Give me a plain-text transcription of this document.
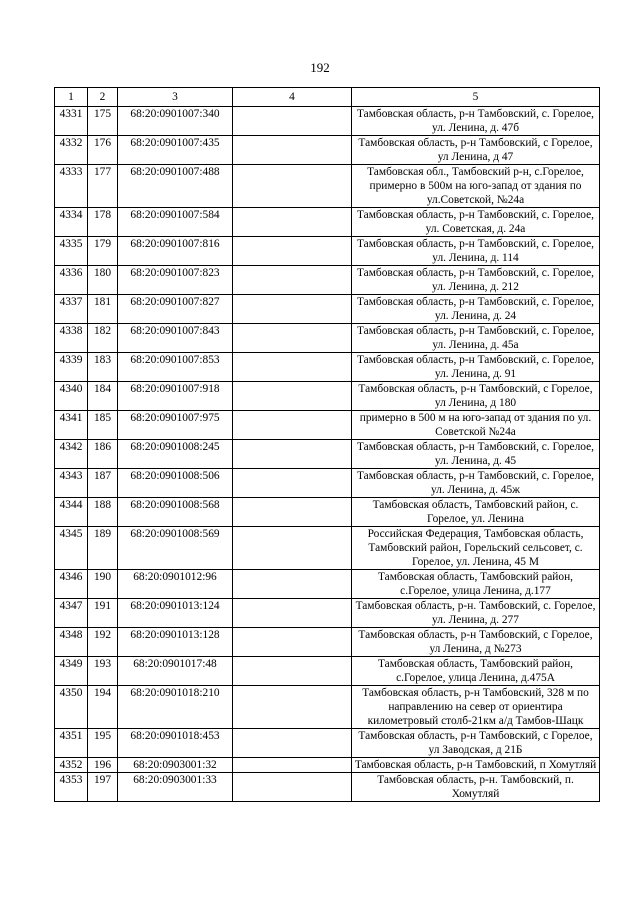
192
1	2	3	4	5
4331	175	68:20:0901007:340		Тамбовская область, р-н Тамбовский, с. Горелое, ул. Ленина, д. 47б
4332	176	68:20:0901007:435		Тамбовская область, р-н Тамбовский, с Горелое, ул Ленина, д 47
4333	177	68:20:0901007:488		Тамбовская обл., Тамбовский р-н, с.Горелое, примерно в 500м на юго-запад от здания по ул.Советской, №24а
4334	178	68:20:0901007:584		Тамбовская область, р-н Тамбовский, с. Горелое, ул. Советская, д. 24а
4335	179	68:20:0901007:816		Тамбовская область, р-н Тамбовский, с. Горелое, ул. Ленина, д. 114
4336	180	68:20:0901007:823		Тамбовская область, р-н Тамбовский, с. Горелое, ул. Ленина, д. 212
4337	181	68:20:0901007:827		Тамбовская область, р-н Тамбовский, с. Горелое, ул. Ленина, д. 24
4338	182	68:20:0901007:843		Тамбовская область, р-н Тамбовский, с. Горелое, ул. Ленина, д. 45а
4339	183	68:20:0901007:853		Тамбовская область, р-н Тамбовский, с. Горелое, ул. Ленина, д. 91
4340	184	68:20:0901007:918		Тамбовская область, р-н Тамбовский, с Горелое, ул Ленина, д 180
4341	185	68:20:0901007:975		примерно в 500 м на юго-запад от здания по ул. Советской №24а
4342	186	68:20:0901008:245		Тамбовская область, р-н Тамбовский, с. Горелое, ул. Ленина, д. 45
4343	187	68:20:0901008:506		Тамбовская область, р-н Тамбовский, с. Горелое, ул. Ленина, д. 45ж
4344	188	68:20:0901008:568		Тамбовская область, Тамбовский район, с. Горелое, ул. Ленина
4345	189	68:20:0901008:569		Российская Федерация, Тамбовская область, Тамбовский район, Горельский сельсовет, с. Горелое, ул. Ленина, 45 М
4346	190	68:20:0901012:96		Тамбовская область, Тамбовский район, с.Горелое, улица Ленина, д.177
4347	191	68:20:0901013:124		Тамбовская область, р-н. Тамбовский, с. Горелое, ул. Ленина, д. 277
4348	192	68:20:0901013:128		Тамбовская область, р-н Тамбовский, с Горелое, ул Ленина, д №273
4349	193	68:20:0901017:48		Тамбовская область, Тамбовский район, с.Горелое, улица Ленина, д.475А
4350	194	68:20:0901018:210		Тамбовская область, р-н Тамбовский, 328 м по направлению на север от ориентира километровый столб-21км а/д Тамбов-Шацк
4351	195	68:20:0901018:453		Тамбовская область, р-н Тамбовский, с Горелое, ул Заводская, д 21Б
4352	196	68:20:0903001:32		Тамбовская область, р-н Тамбовский, п Хомутляй
4353	197	68:20:0903001:33		Тамбовская область, р-н. Тамбовский, п. Хомутляй
